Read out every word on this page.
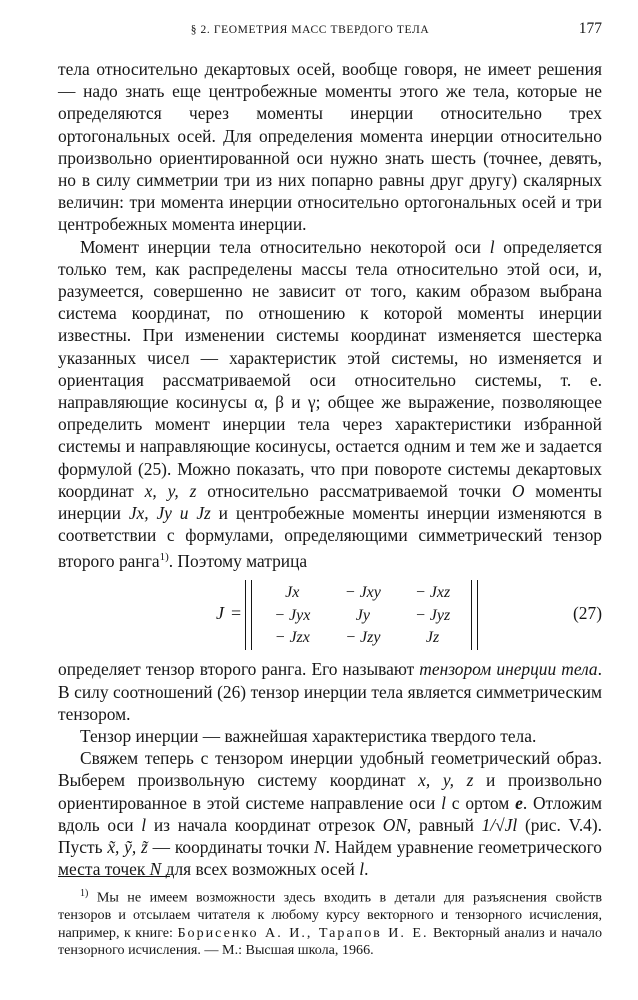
§ 2. ГЕОМЕТРИЯ МАСС ТВЕРДОГО ТЕЛА	177

тела относительно декартовых осей, вообще говоря, не имеет решения — надо знать еще центробежные моменты этого же тела, которые не определяются через моменты инерции относительно трех ортогональных осей. Для определения момента инерции относительно произвольно ориентированной оси нужно знать шесть (точнее, девять, но в силу симметрии три из них попарно равны друг другу) скалярных величин: три момента инерции относительно ортогональных осей и три центробежных момента инерции.

Момент инерции тела относительно некоторой оси l определяется только тем, как распределены массы тела относительно этой оси, и, разумеется, совершенно не зависит от того, каким образом выбрана система координат, по отношению к которой моменты инерции известны. При изменении системы координат изменяется шестерка указанных чисел — характеристик этой системы, но изменяется и ориентация рассматриваемой оси относительно системы, т. е. направляющие косинусы α, β и γ; общее же выражение, позволяющее определить момент инерции тела через характеристики избранной системы и направляющие косинусы, остается одним и тем же и задается формулой (25). Можно показать, что при повороте системы декартовых координат x, y, z относительно рассматриваемой точки O моменты инерции Jx, Jy и Jz и центробежные моменты инерции изменяются в соответствии с формулами, определяющими симметрический тензор второго ранга$^{1)}$. Поэтому матрица

J =
Jx	− Jxy	− Jxz
− Jyx	Jy	− Jyz
− Jzx	− Jzy	Jz
(27)

определяет тензор второго ранга. Его называют тензором инерции тела. В силу соотношений (26) тензор инерции тела является симметрическим тензором.

Тензор инерции — важнейшая характеристика твердого тела.

Свяжем теперь с тензором инерции удобный геометрический образ. Выберем произвольную систему координат x, y, z и произвольно ориентированное в этой системе направление оси l с ортом e. Отложим вдоль оси l из начала координат отрезок ON, равный 1/√Jl (рис. V.4). Пусть x̃, ỹ, z̃ — координаты точки N. Найдем уравнение геометрического места точек N для всех возможных осей l.

$^{1)}$ Мы не имеем возможности здесь входить в детали для разъяснения свойств тензоров и отсылаем читателя к любому курсу векторного и тензорного исчисления, например, к книге: Борисенко А. И., Тарапов И. Е. Векторный анализ и начало тензорного исчисления. — М.: Высшая школа, 1966.
